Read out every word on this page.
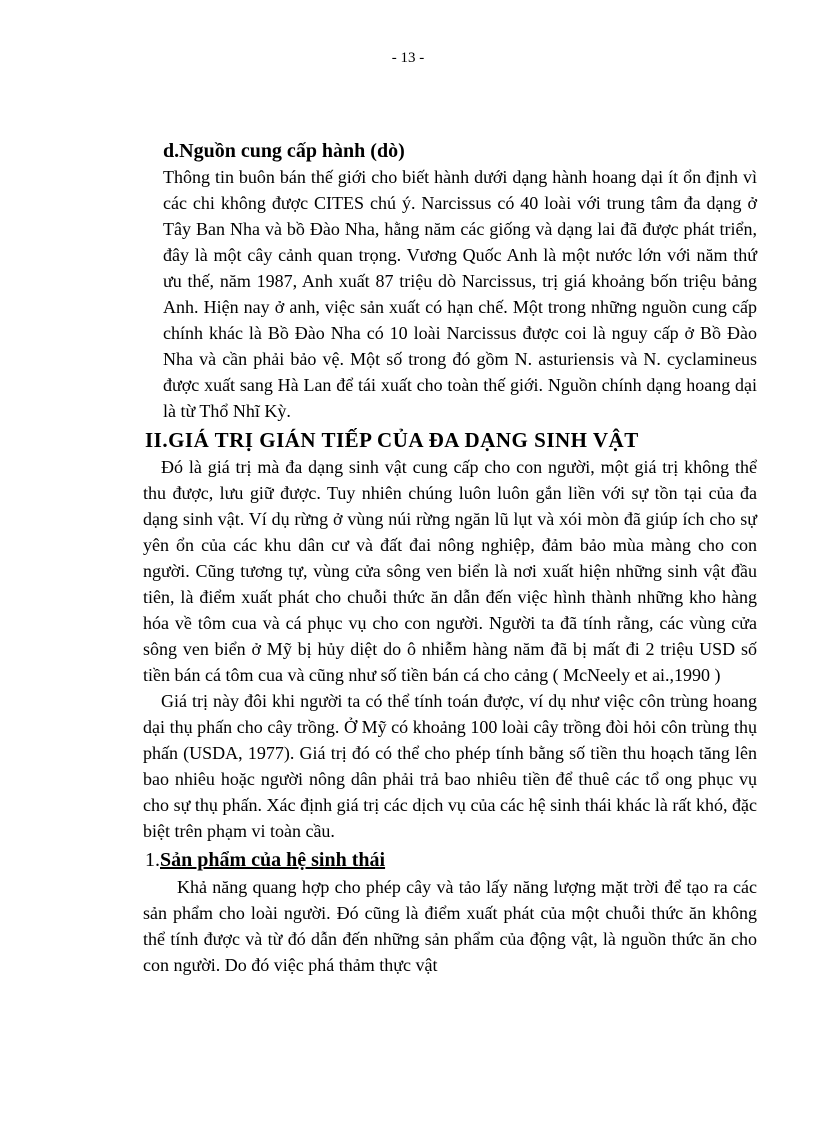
- 13 -

d.Nguồn cung cấp hành (dò)

Thông tin buôn bán thế giới cho biết hành dưới dạng hành hoang dại ít ổn định vì các chi không được CITES chú ý. Narcissus có 40 loài với trung tâm đa dạng ở Tây Ban Nha và bồ Đào Nha, hằng năm các giống và dạng lai đã được phát triển, đây là một cây cảnh quan trọng. Vương Quốc Anh là một nước lớn với năm thứ ưu thế, năm 1987, Anh xuất 87 triệu dò Narcissus, trị giá khoảng bốn triệu bảng Anh. Hiện nay ở anh, việc sản xuất có hạn chế. Một trong những nguồn cung cấp chính khác là Bồ Đào Nha có 10 loài Narcissus được coi là nguy cấp ở Bồ Đào Nha và cần phải bảo vệ. Một số trong đó gồm N. asturiensis và N. cyclamineus được xuất sang Hà Lan để tái xuất cho toàn thế giới. Nguồn chính dạng hoang dại là từ Thổ Nhĩ Kỳ.

II.GIÁ TRỊ GIÁN TIẾP CỦA ĐA DẠNG SINH VẬT

Đó là giá trị mà đa dạng sinh vật cung cấp cho con người, một giá trị không thể thu được, lưu giữ được. Tuy nhiên chúng luôn luôn gắn liền với sự tồn tại của đa dạng sinh vật. Ví dụ rừng ở vùng núi rừng ngăn lũ lụt và xói mòn đã giúp ích cho sự yên ổn của các khu dân cư và đất đai nông nghiệp, đảm bảo mùa màng cho con người. Cũng tương tự, vùng cửa sông ven biển là nơi xuất hiện những sinh vật đầu tiên, là điểm xuất phát cho chuỗi thức ăn dẫn đến việc hình thành những kho hàng hóa về tôm cua và cá phục vụ cho con người. Người ta đã tính rằng, các vùng cửa sông ven biển ở Mỹ bị hủy diệt do ô nhiễm hàng năm đã bị mất đi 2 triệu USD số tiền bán cá tôm cua và cũng như số tiền bán cá cho cảng ( McNeely et ai.,1990 )

Giá trị này đôi khi người ta có thể tính toán được, ví dụ như việc côn trùng hoang dại thụ phấn cho cây trồng. Ở Mỹ có khoảng 100 loài cây trồng đòi hỏi côn trùng thụ phấn (USDA, 1977). Giá trị đó có thể cho phép tính bằng số tiền thu hoạch tăng lên bao nhiêu hoặc người nông dân phải trả bao nhiêu tiền để thuê các tổ ong phục vụ cho sự thụ phấn. Xác định giá trị các dịch vụ của các hệ sinh thái khác là rất khó, đặc biệt trên phạm vi toàn cầu.

1.Sản phẩm của hệ sinh thái

Khả năng quang hợp cho phép cây và tảo lấy năng lượng mặt trời để tạo ra các sản phẩm cho loài người. Đó cũng là điểm xuất phát của một chuỗi thức ăn không thể tính được và từ đó dẫn đến những sản phẩm của động vật, là nguồn thức ăn cho con người. Do đó việc phá thảm thực vật
